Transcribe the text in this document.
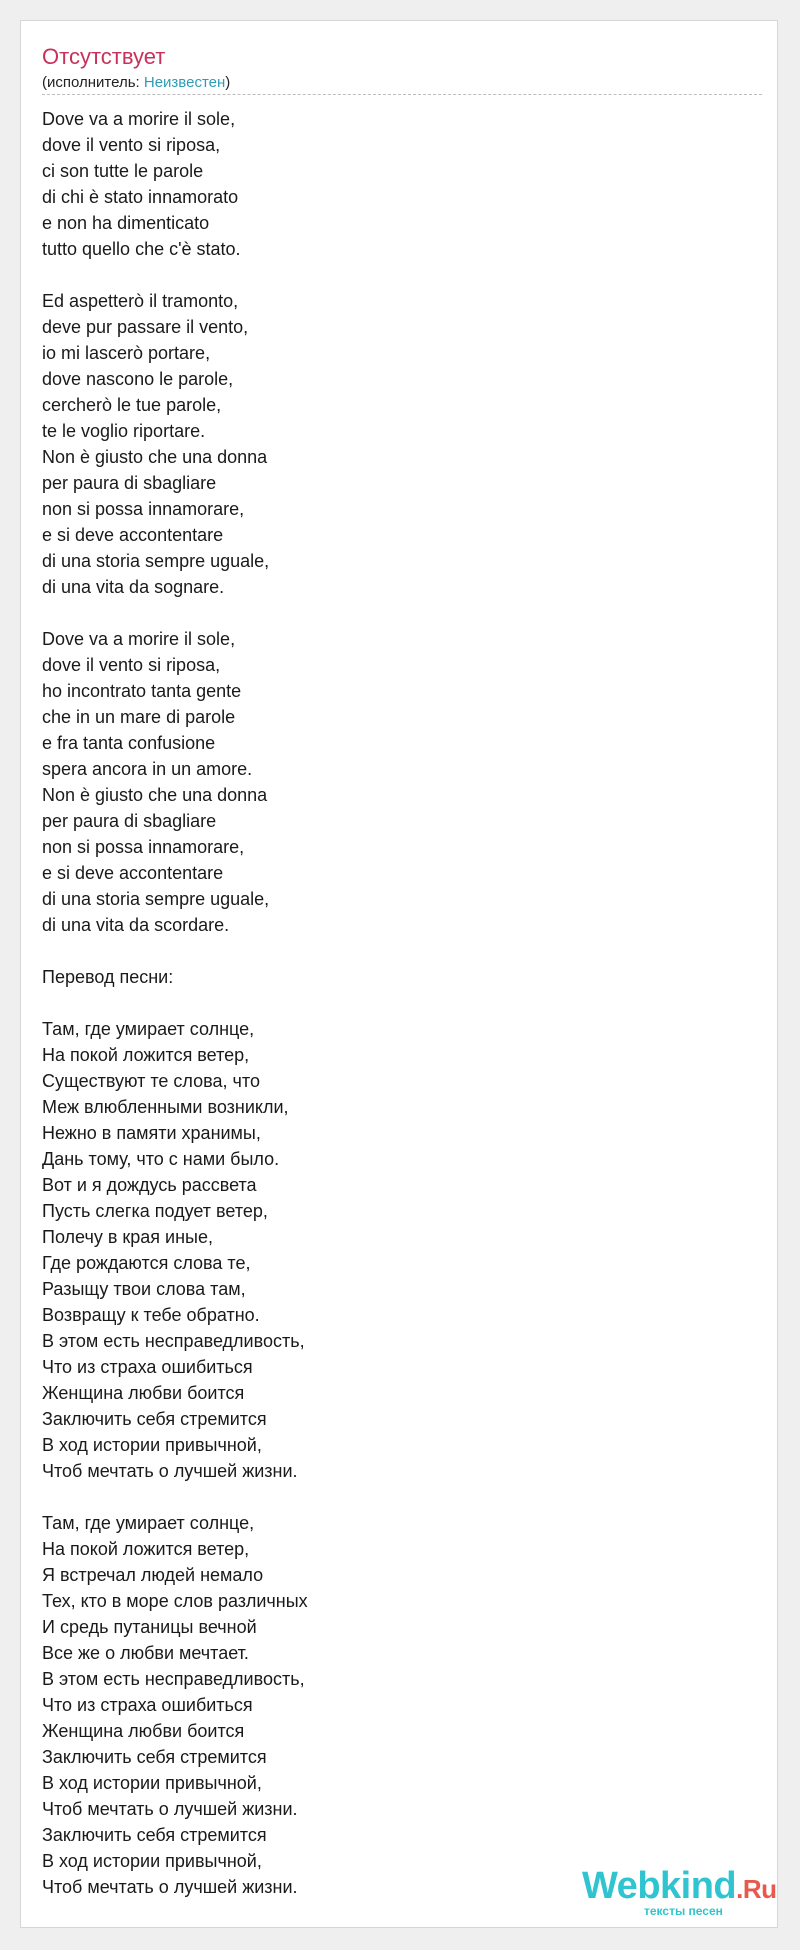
Отсутствует
(исполнитель: Неизвестен)
Dove va a morire il sole,
dove il vento si riposa,
ci son tutte le parole
di chi è stato innamorato
e non ha dimenticato
tutto quello che c'è stato.
Ed aspetterò il tramonto,
deve pur passare il vento,
io mi lascerò portare,
dove nascono le parole,
cercherò le tue parole,
te le voglio riportare.
Non è giusto che una donna
per paura di sbagliare
non si possa innamorare,
e si deve accontentare
di una storia sempre uguale,
di una vita da sognare.
Dove va a morire il sole,
dove il vento si riposa,
ho incontrato tanta gente
che in un mare di parole
e fra tanta confusione
spera ancora in un amore.
Non è giusto che una donna
per paura di sbagliare
non si possa innamorare,
e si deve accontentare
di una storia sempre uguale,
di una vita da scordare.
Перевод песни:
Там, где умирает солнце,
На покой ложится ветер,
Существуют те слова, что
Меж влюбленными возникли,
Нежно в памяти хранимы,
Дань тому, что с нами было.
Вот и я дождусь рассвета
Пусть слегка подует ветер,
Полечу в края иные,
Где рождаются слова те,
Разыщу твои слова там,
Возвращу к тебе обратно.
В этом есть несправедливость,
Что из страха ошибиться
Женщина любви боится
Заключить себя стремится
В ход истории привычной,
Чтоб мечтать о лучшей жизни.
Там, где умирает солнце,
На покой ложится ветер,
Я встречал людей немало
Тех, кто в море слов различных
И средь путаницы вечной
Все же о любви мечтает.
В этом есть несправедливость,
Что из страха ошибиться
Женщина любви боится
Заключить себя стремится
В ход истории привычной,
Чтоб мечтать о лучшей жизни.
Заключить себя стремится
В ход истории привычной,
Чтоб мечтать о лучшей жизни.	Webkind.Ru
тексты песен
